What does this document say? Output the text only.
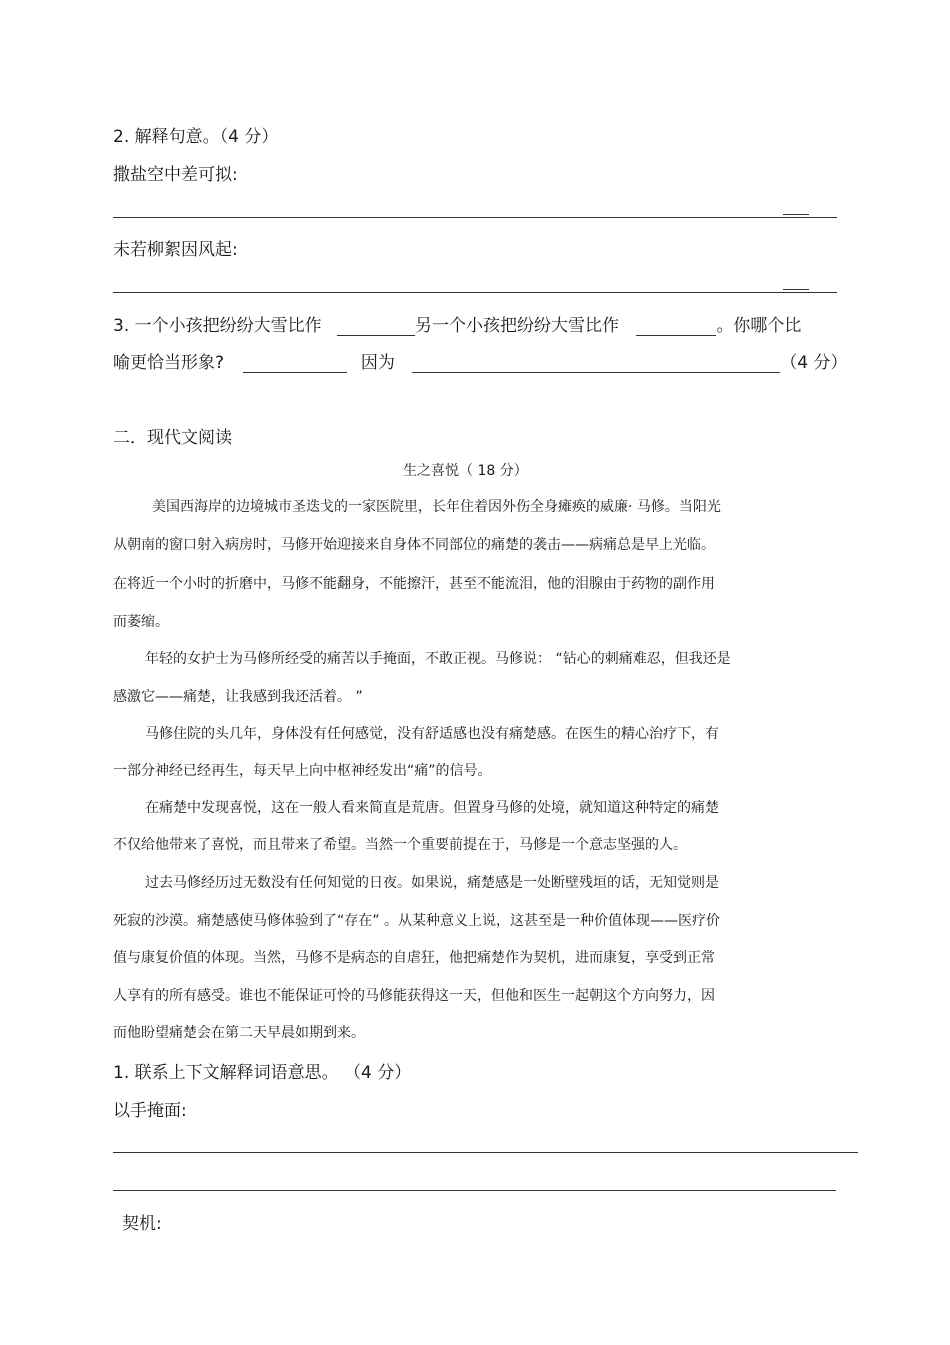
2. 解释句意。（4 分）
撒盐空中差可拟:
未若柳絮因风起:
3. 一个小孩把纷纷大雪比作	另一个小孩把纷纷大雪比作	。你哪个比
喻更恰当形象?	因为	（4 分）
二．现代文阅读
生之喜悦（ 18 分）
美国西海岸的边境城市圣迭戈的一家医院里，长年住着因外伤全身瘫痪的威廉· 马修。当阳光
从朝南的窗口射入病房时，马修开始迎接来自身体不同部位的痛楚的袭击——病痛总是早上光临。
在将近一个小时的折磨中，马修不能翻身，不能擦汗，甚至不能流泪，他的泪腺由于药物的副作用
而萎缩。
年轻的女护士为马修所经受的痛苦以手掩面，不敢正视。马修说： “钻心的刺痛难忍，但我还是
感激它——痛楚，让我感到我还活着。 ”
马修住院的头几年，身体没有任何感觉，没有舒适感也没有痛楚感。在医生的精心治疗下，有
一部分神经已经再生，每天早上向中枢神经发出“痛”的信号。
在痛楚中发现喜悦，这在一般人看来简直是荒唐。但置身马修的处境，就知道这种特定的痛楚
不仅给他带来了喜悦，而且带来了希望。当然一个重要前提在于，马修是一个意志坚强的人。
过去马修经历过无数没有任何知觉的日夜。如果说，痛楚感是一处断壁残垣的话，无知觉则是
死寂的沙漠。痛楚感使马修体验到了“存在” 。从某种意义上说，这甚至是一种价值体现——医疗价
值与康复价值的体现。当然，马修不是病态的自虐狂，他把痛楚作为契机，进而康复，享受到正常
人享有的所有感受。谁也不能保证可怜的马修能获得这一天，但他和医生一起朝这个方向努力，因
而他盼望痛楚会在第二天早晨如期到来。
1. 联系上下文解释词语意思。 （4 分）
以手掩面:
契机:
